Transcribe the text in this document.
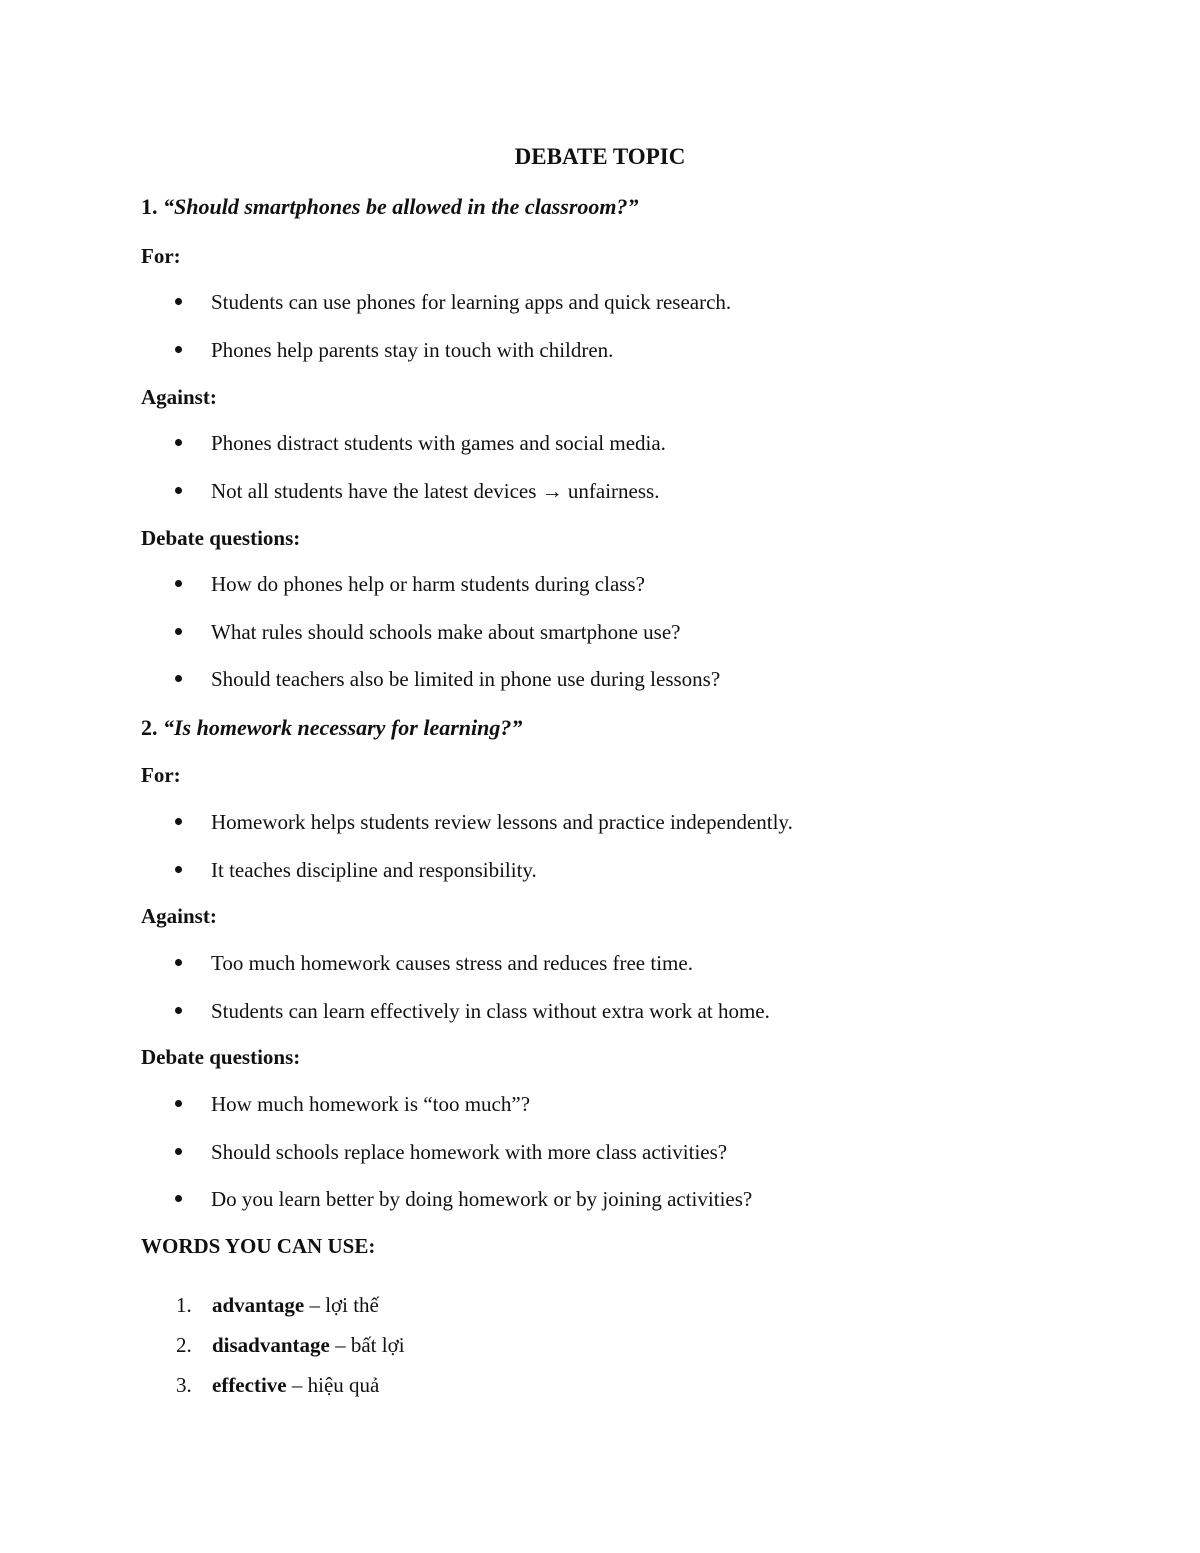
DEBATE TOPIC
1. “Should smartphones be allowed in the classroom?”
For:
Students can use phones for learning apps and quick research.
Phones help parents stay in touch with children.
Against:
Phones distract students with games and social media.
Not all students have the latest devices → unfairness.
Debate questions:
How do phones help or harm students during class?
What rules should schools make about smartphone use?
Should teachers also be limited in phone use during lessons?
2. “Is homework necessary for learning?”
For:
Homework helps students review lessons and practice independently.
It teaches discipline and responsibility.
Against:
Too much homework causes stress and reduces free time.
Students can learn effectively in class without extra work at home.
Debate questions:
How much homework is “too much”?
Should schools replace homework with more class activities?
Do you learn better by doing homework or by joining activities?
WORDS YOU CAN USE:
1. advantage – lợi thế
2. disadvantage – bất lợi
3. effective – hiệu quả
